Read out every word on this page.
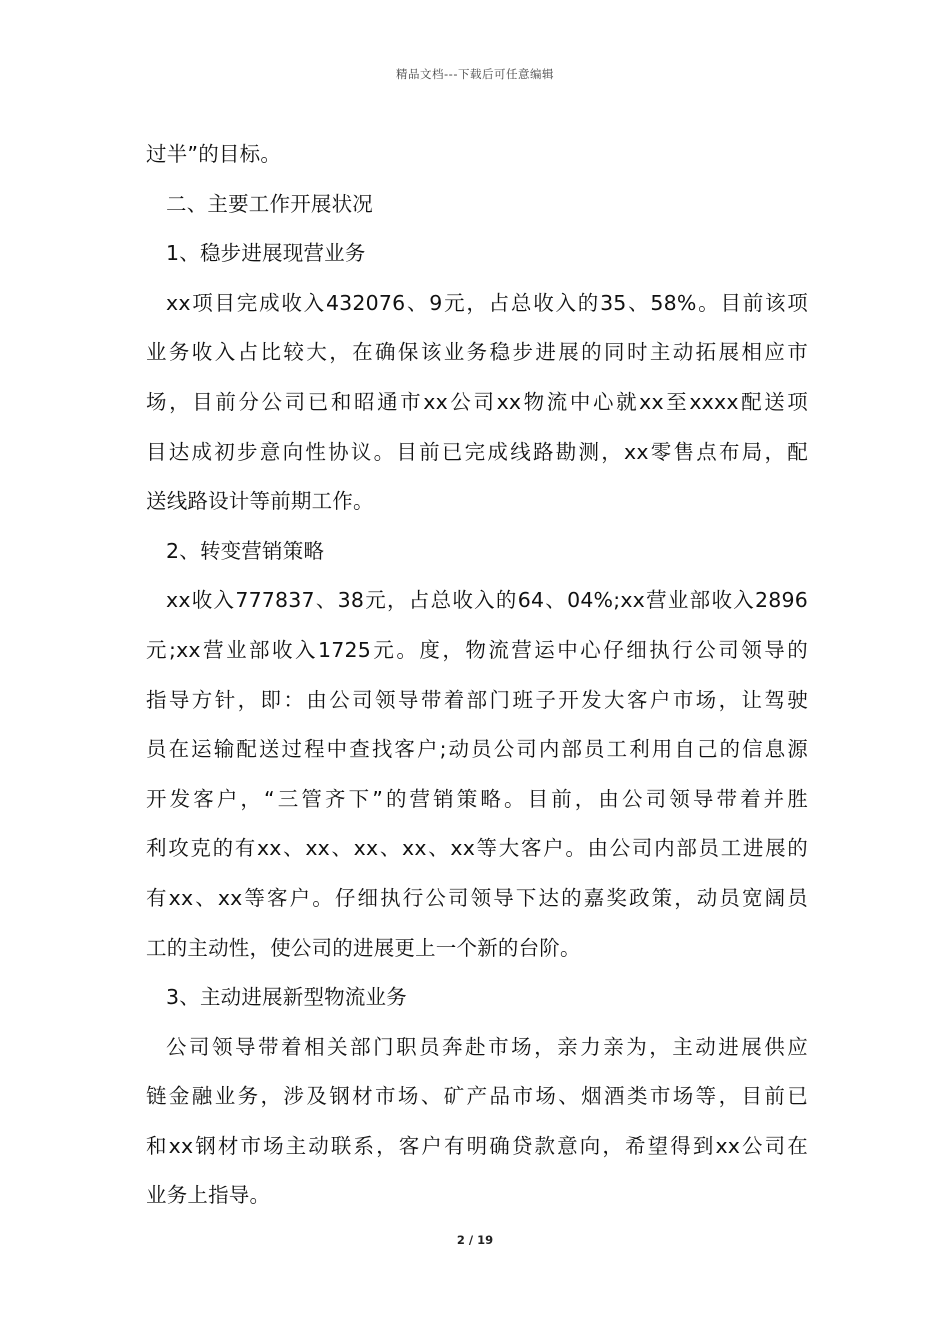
精品文档---下载后可任意编辑
过半”的目标。
二、主要工作开展状况
1、稳步进展现营业务
xx项目完成收入432076、9元，占总收入的35、58%。目前该项
业务收入占比较大，在确保该业务稳步进展的同时主动拓展相应市
场，目前分公司已和昭通市xx公司xx物流中心就xx至xxxx配送项
目达成初步意向性协议。目前已完成线路勘测，xx零售点布局，配
送线路设计等前期工作。
2、转变营销策略
xx收入777837、38元，占总收入的64、04%;xx营业部收入2896
元;xx营业部收入1725元。度，物流营运中心仔细执行公司领导的
指导方针，即：由公司领导带着部门班子开发大客户市场，让驾驶
员在运输配送过程中查找客户;动员公司内部员工利用自己的信息源
开发客户，“三管齐下”的营销策略。目前，由公司领导带着并胜
利攻克的有xx、xx、xx、xx、xx等大客户。由公司内部员工进展的
有xx、xx等客户。仔细执行公司领导下达的嘉奖政策，动员宽阔员
工的主动性，使公司的进展更上一个新的台阶。
3、主动进展新型物流业务
公司领导带着相关部门职员奔赴市场，亲力亲为，主动进展供应
链金融业务，涉及钢材市场、矿产品市场、烟酒类市场等，目前已
和xx钢材市场主动联系，客户有明确贷款意向，希望得到xx公司在
业务上指导。
2 / 19
